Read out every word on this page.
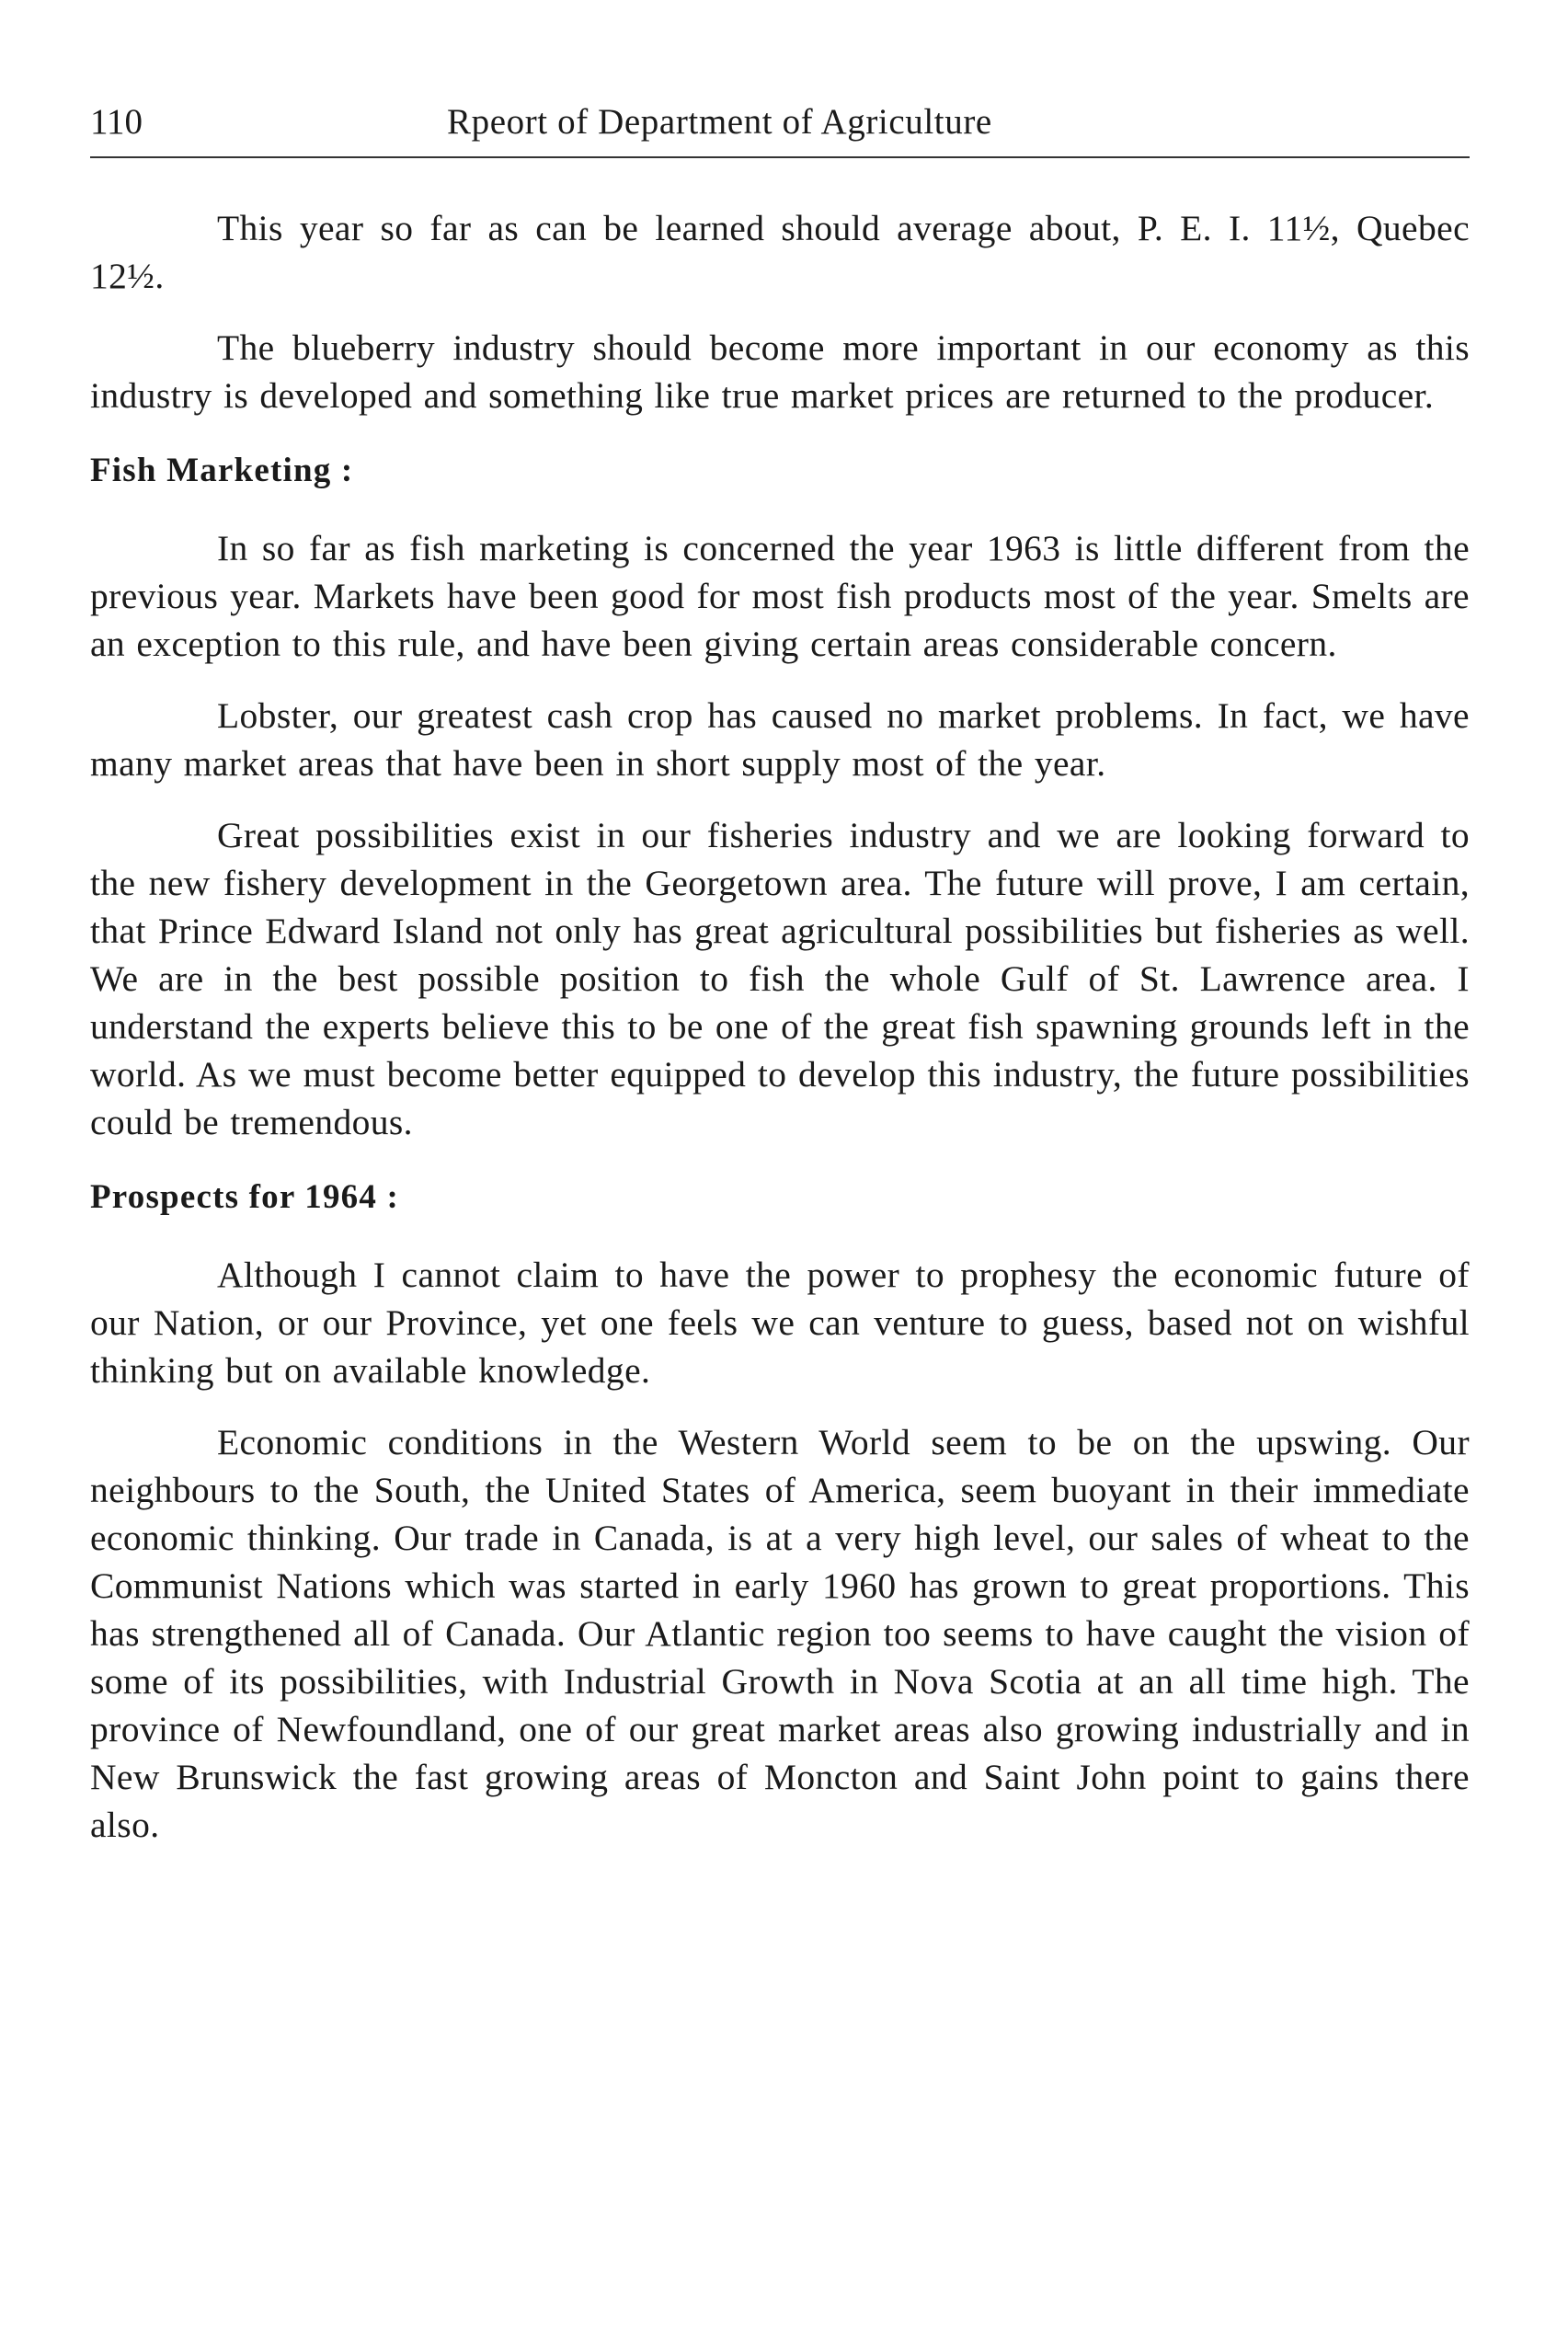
110	Rpeort of Department of Agriculture

This year so far as can be learned should average about, P. E. I. 11½, Quebec 12½.

The blueberry industry should become more important in our economy as this industry is developed and something like true market prices are returned to the producer.

Fish Marketing :

In so far as fish marketing is concerned the year 1963 is little different from the previous year. Markets have been good for most fish products most of the year. Smelts are an exception to this rule, and have been giving certain areas considerable concern.

Lobster, our greatest cash crop has caused no market problems. In fact, we have many market areas that have been in short supply most of the year.

Great possibilities exist in our fisheries industry and we are looking forward to the new fishery development in the Georgetown area. The future will prove, I am certain, that Prince Edward Island not only has great agricultural possibilities but fisheries as well. We are in the best possible position to fish the whole Gulf of St. Lawrence area. I understand the experts believe this to be one of the great fish spawning grounds left in the world. As we must become better equipped to develop this industry, the future possibilities could be tremendous.

Prospects for 1964 :

Although I cannot claim to have the power to prophesy the economic future of our Nation, or our Province, yet one feels we can venture to guess, based not on wishful thinking but on available knowledge.

Economic conditions in the Western World seem to be on the upswing. Our neighbours to the South, the United States of America, seem buoyant in their immediate economic thinking. Our trade in Canada, is at a very high level, our sales of wheat to the Communist Nations which was started in early 1960 has grown to great proportions. This has strengthened all of Canada. Our Atlantic region too seems to have caught the vision of some of its possibilities, with Industrial Growth in Nova Scotia at an all time high. The province of Newfoundland, one of our great market areas also growing industrially and in New Brunswick the fast growing areas of Moncton and Saint John point to gains there also.
